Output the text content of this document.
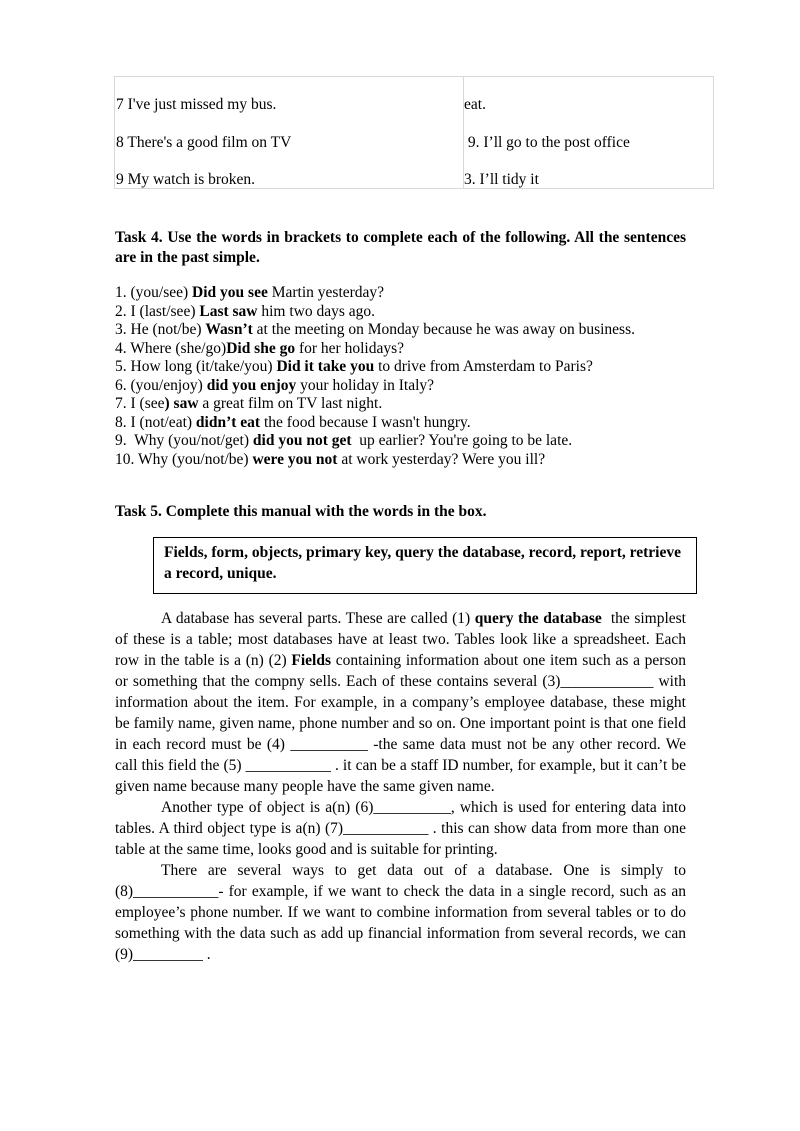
7 I've just missed my bus.
8 There's a good film on TV
9 My watch is broken.
eat.
9. I’ll go to the post office
3. I’ll tidy it
Task 4. Use the words in brackets to complete each of the following. All the sentences are in the past simple.
1. (you/see) Did you see Martin yesterday?
2. I (last/see) Last saw him two days ago.
3. He (not/be) Wasn’t at the meeting on Monday because he was away on business.
4. Where (she/go)Did she go for her holidays?
5. How long (it/take/you) Did it take you to drive from Amsterdam to Paris?
6. (you/enjoy) did you enjoy your holiday in Italy?
7. I (see) saw a great film on TV last night.
8. I (not/eat) didn’t eat the food because I wasn't hungry.
9.  Why (you/not/get) did you not get  up earlier? You're going to be late.
10. Why (you/not/be) were you not at work yesterday? Were you ill?
Task 5. Complete this manual with the words in the box.
Fields, form, objects, primary key, query the database, record, report, retrieve a record, unique.

A database has several parts. These are called (1) query the database  the simplest of these is a table; most databases have at least two. Tables look like a spreadsheet. Each row in the table is a (n) (2) Fields containing information about one item such as a person or something that the compny sells. Each of these contains several (3)____________ with information about the item. For example, in a company’s employee database, these might be family name, given name, phone number and so on. One important point is that one field in each record must be (4) __________ -the same data must not be any other record. We call this field the (5) ___________ . it can be a staff ID number, for example, but it can’t be given name because many people have the same given name.

Another type of object is a(n) (6)__________, which is used for entering data into tables. A third object type is a(n) (7)___________ . this can show data from more than one table at the same time, looks good and is suitable for printing.

There are several ways to get data out of a database. One is simply to (8)___________- for example, if we want to check the data in a single record, such as an employee’s phone number. If we want to combine information from several tables or to do something with the data such as add up financial information from several records, we can (9)_________ .
